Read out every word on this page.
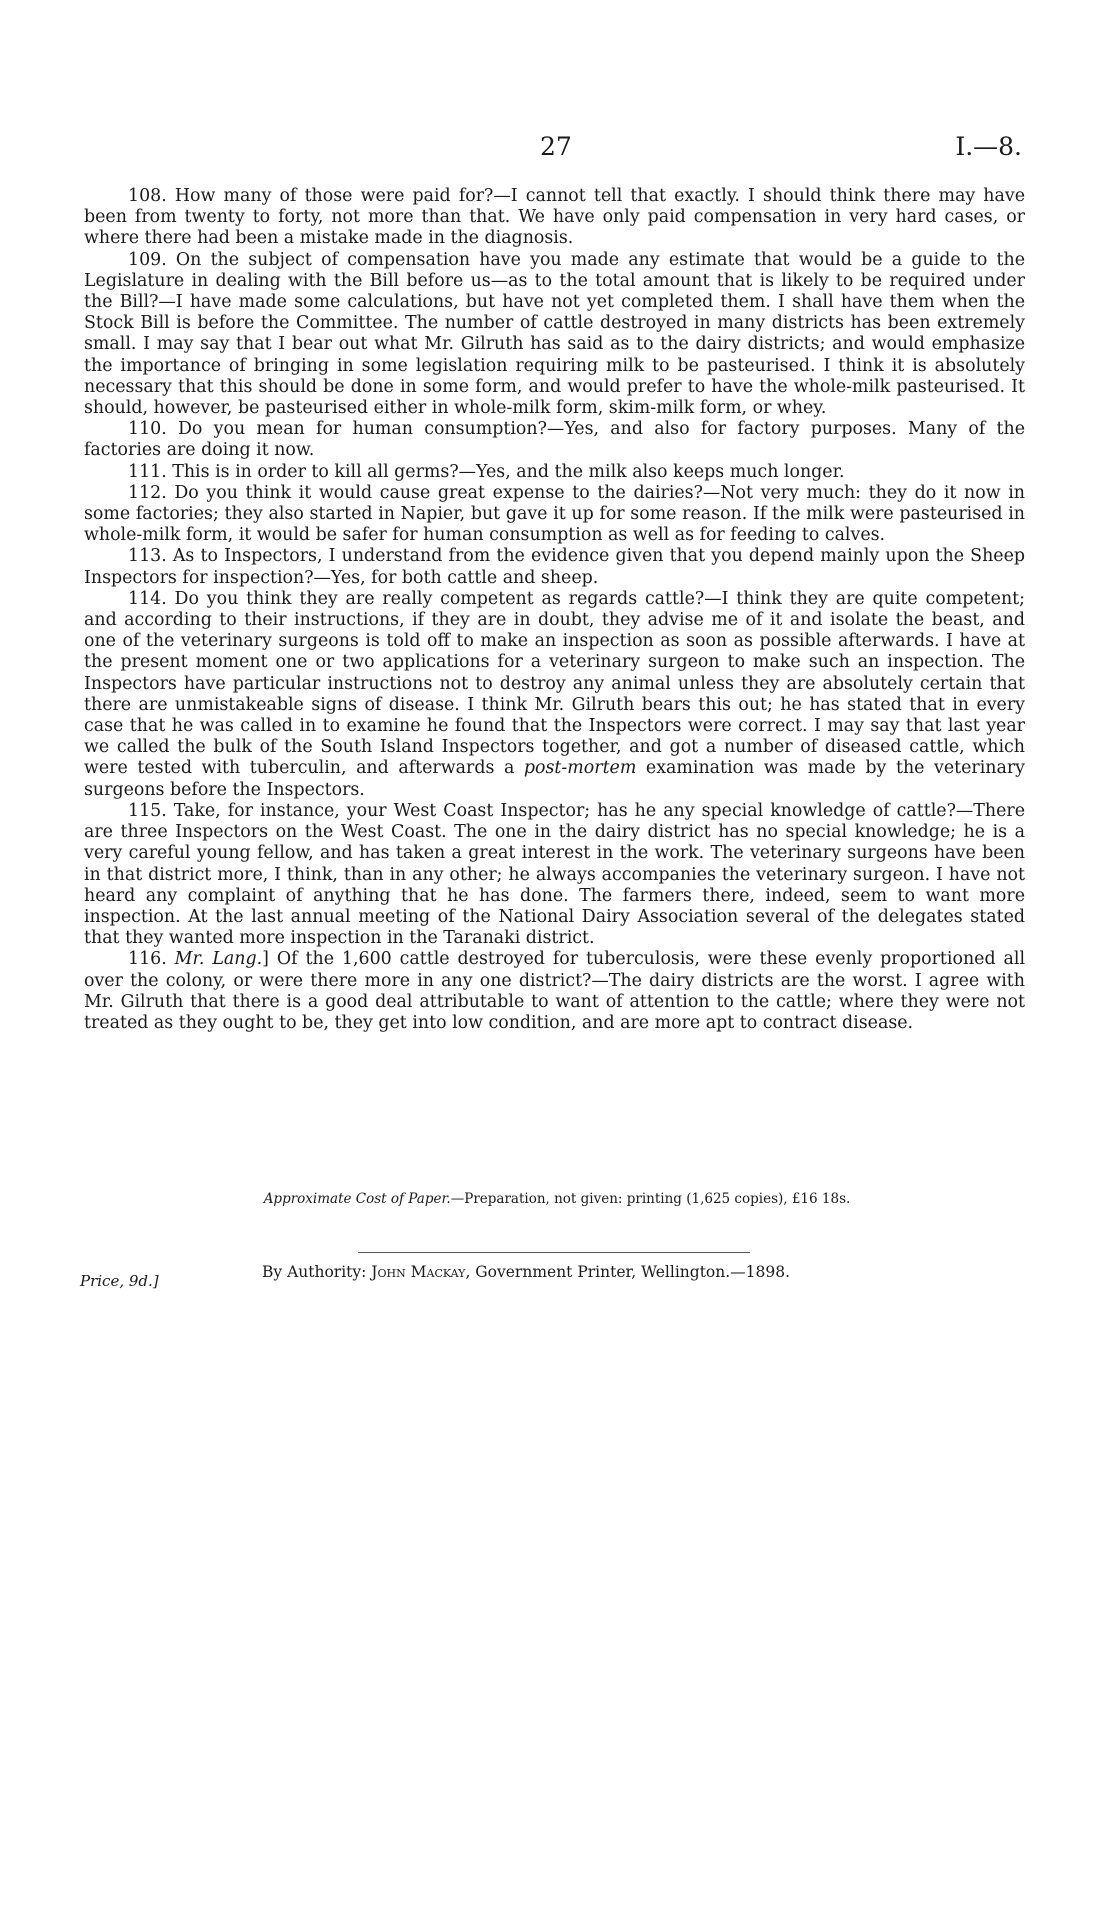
27	I.—8.

108. How many of those were paid for?—I cannot tell that exactly. I should think there may have been from twenty to forty, not more than that. We have only paid compensation in very hard cases, or where there had been a mistake made in the diagnosis.

109. On the subject of compensation have you made any estimate that would be a guide to the Legislature in dealing with the Bill before us—as to the total amount that is likely to be required under the Bill?—I have made some calculations, but have not yet completed them. I shall have them when the Stock Bill is before the Committee. The number of cattle destroyed in many districts has been extremely small. I may say that I bear out what Mr. Gilruth has said as to the dairy districts; and would emphasize the importance of bringing in some legislation requiring milk to be pasteurised. I think it is absolutely necessary that this should be done in some form, and would prefer to have the whole-milk pasteurised. It should, however, be pasteurised either in whole-milk form, skim-milk form, or whey.

110. Do you mean for human consumption?—Yes, and also for factory purposes. Many of the factories are doing it now.

111. This is in order to kill all germs?—Yes, and the milk also keeps much longer.

112. Do you think it would cause great expense to the dairies?—Not very much: they do it now in some factories; they also started in Napier, but gave it up for some reason. If the milk were pasteurised in whole-milk form, it would be safer for human consumption as well as for feeding to calves.

113. As to Inspectors, I understand from the evidence given that you depend mainly upon the Sheep Inspectors for inspection?—Yes, for both cattle and sheep.

114. Do you think they are really competent as regards cattle?—I think they are quite competent; and according to their instructions, if they are in doubt, they advise me of it and isolate the beast, and one of the veterinary surgeons is told off to make an inspection as soon as possible afterwards. I have at the present moment one or two applications for a veterinary surgeon to make such an inspection. The Inspectors have particular instructions not to destroy any animal unless they are absolutely certain that there are unmistakeable signs of disease. I think Mr. Gilruth bears this out; he has stated that in every case that he was called in to examine he found that the Inspectors were correct. I may say that last year we called the bulk of the South Island Inspectors together, and got a number of diseased cattle, which were tested with tuberculin, and afterwards a post-mortem examination was made by the veterinary surgeons before the Inspectors.

115. Take, for instance, your West Coast Inspector; has he any special knowledge of cattle?—There are three Inspectors on the West Coast. The one in the dairy district has no special knowledge; he is a very careful young fellow, and has taken a great interest in the work. The veterinary surgeons have been in that district more, I think, than in any other; he always accompanies the veterinary surgeon. I have not heard any complaint of anything that he has done. The farmers there, indeed, seem to want more inspection. At the last annual meeting of the National Dairy Association several of the delegates stated that they wanted more inspection in the Taranaki district.

116. Mr. Lang.] Of the 1,600 cattle destroyed for tuberculosis, were these evenly proportioned all over the colony, or were there more in any one district?—The dairy districts are the worst. I agree with Mr. Gilruth that there is a good deal attributable to want of attention to the cattle; where they were not treated as they ought to be, they get into low condition, and are more apt to contract disease.

Approximate Cost of Paper.—Preparation, not given: printing (1,625 copies), £16 18s.
Price, 9d.]	By Authority: John Mackay, Government Printer, Wellington.—1898.
